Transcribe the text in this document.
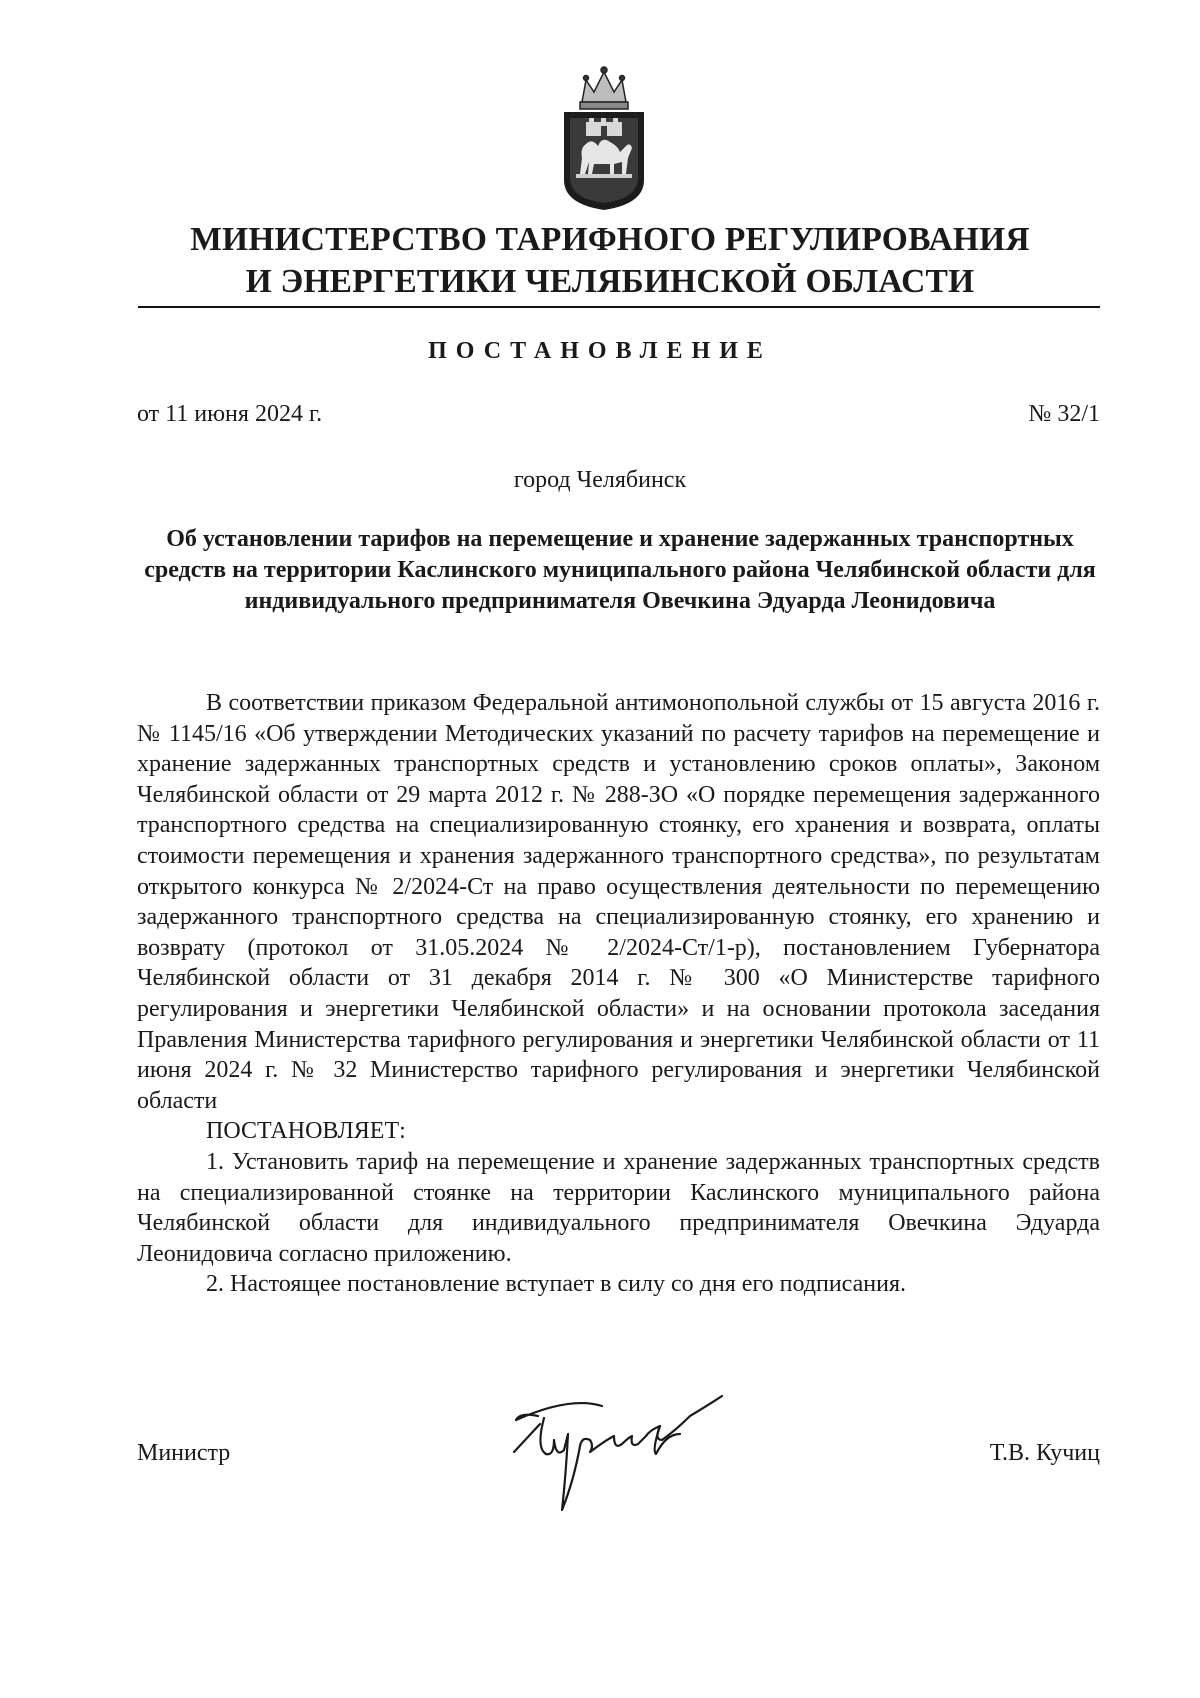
МИНИСТЕРСТВО ТАРИФНОГО РЕГУЛИРОВАНИЯ
И ЭНЕРГЕТИКИ ЧЕЛЯБИНСКОЙ ОБЛАСТИ
ПОСТАНОВЛЕНИЕ
от 11 июня 2024 г.	№ 32/1
город Челябинск
Об установлении тарифов на перемещение и хранение задержанных транспортных средств на территории Каслинского муниципального района Челябинской области для индивидуального предпринимателя Овечкина Эдуарда Леонидовича

В соответствии приказом Федеральной антимонопольной службы от 15 августа 2016 г. № 1145/16 «Об утверждении Методических указаний по расчету тарифов на перемещение и хранение задержанных транспортных средств и установлению сроков оплаты», Законом Челябинской области от 29 марта 2012 г. № 288-ЗО «О порядке перемещения задержанного транспортного средства на специализированную стоянку, его хранения и возврата, оплаты стоимости перемещения и хранения задержанного транспортного средства», по результатам открытого конкурса № 2/2024-Ст на право осуществления деятельности по перемещению задержанного транспортного средства на специализированную стоянку, его хранению и возврату (протокол от 31.05.2024 № 2/2024-Ст/1-р), постановлением Губернатора Челябинской области от 31 декабря 2014 г. № 300 «О Министерстве тарифного регулирования и энергетики Челябинской области» и на основании протокола заседания Правления Министерства тарифного регулирования и энергетики Челябинской области от 11 июня 2024 г. № 32 Министерство тарифного регулирования и энергетики Челябинской области

ПОСТАНОВЛЯЕТ:

1. Установить тариф на перемещение и хранение задержанных транспортных средств на специализированной стоянке на территории Каслинского муниципального района Челябинской области для индивидуального предпринимателя Овечкина Эдуарда Леонидовича согласно приложению.

2. Настоящее постановление вступает в силу со дня его подписания.

Министр	Т.В. Кучиц
